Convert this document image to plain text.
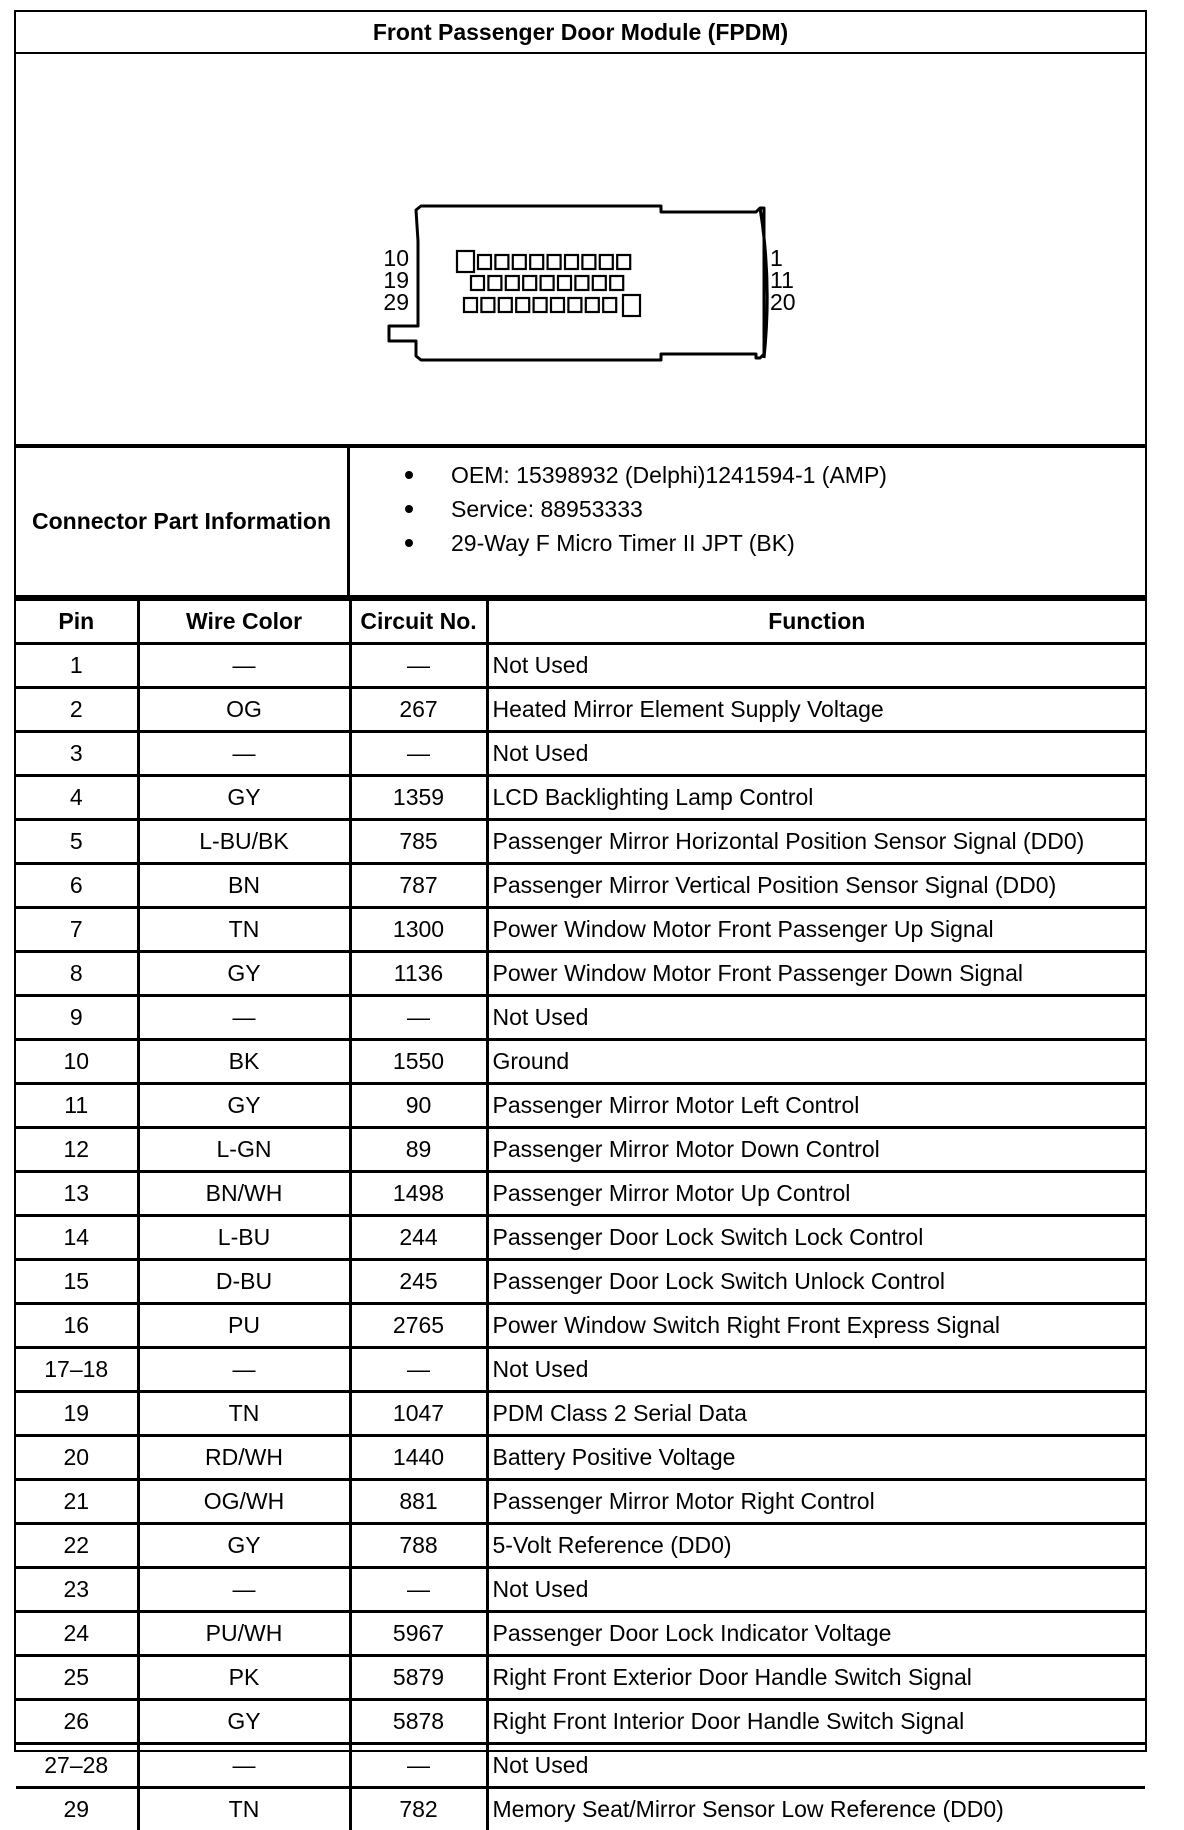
Front Passenger Door Module (FPDM)
10
19
29
1
11
20
Connector Part Information
OEM: 15398932 (Delphi)1241594-1 (AMP)
Service: 88953333
29-Way F Micro Timer II JPT (BK)
Pin	Wire Color	Circuit No.	Function
1	—	—	Not Used
2	OG	267	Heated Mirror Element Supply Voltage
3	—	—	Not Used
4	GY	1359	LCD Backlighting Lamp Control
5	L-BU/BK	785	Passenger Mirror Horizontal Position Sensor Signal (DD0)
6	BN	787	Passenger Mirror Vertical Position Sensor Signal (DD0)
7	TN	1300	Power Window Motor Front Passenger Up Signal
8	GY	1136	Power Window Motor Front Passenger Down Signal
9	—	—	Not Used
10	BK	1550	Ground
11	GY	90	Passenger Mirror Motor Left Control
12	L-GN	89	Passenger Mirror Motor Down Control
13	BN/WH	1498	Passenger Mirror Motor Up Control
14	L-BU	244	Passenger Door Lock Switch Lock Control
15	D-BU	245	Passenger Door Lock Switch Unlock Control
16	PU	2765	Power Window Switch Right Front Express Signal
17–18	—	—	Not Used
19	TN	1047	PDM Class 2 Serial Data
20	RD/WH	1440	Battery Positive Voltage
21	OG/WH	881	Passenger Mirror Motor Right Control
22	GY	788	5-Volt Reference (DD0)
23	—	—	Not Used
24	PU/WH	5967	Passenger Door Lock Indicator Voltage
25	PK	5879	Right Front Exterior Door Handle Switch Signal
26	GY	5878	Right Front Interior Door Handle Switch Signal
27–28	—	—	Not Used
29	TN	782	Memory Seat/Mirror Sensor Low Reference (DD0)
